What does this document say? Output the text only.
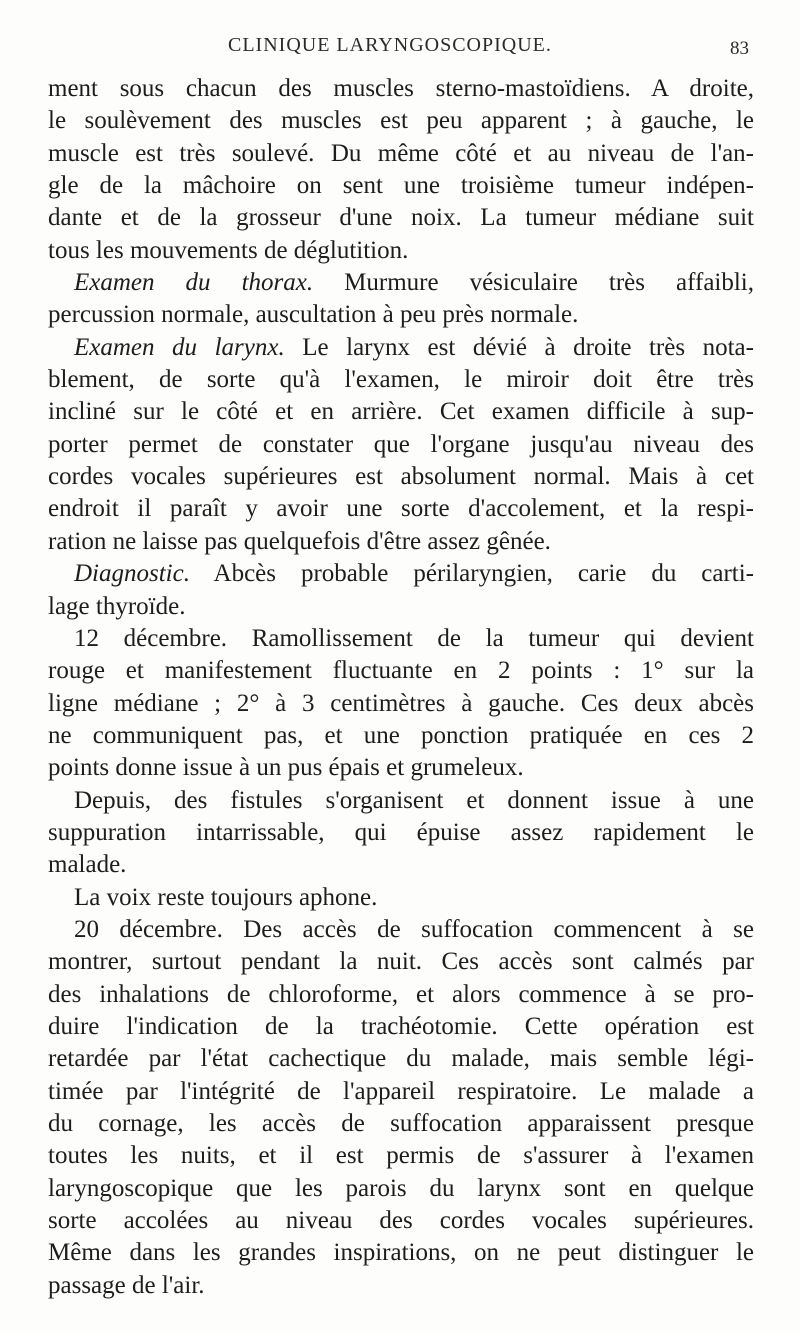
CLINIQUE LARYNGOSCOPIQUE.	83
ment sous chacun des muscles sterno-mastoïdiens. A droite,
le soulèvement des muscles est peu apparent ; à gauche, le
muscle est très soulevé. Du même côté et au niveau de l'an-
gle de la mâchoire on sent une troisième tumeur indépen-
dante et de la grosseur d'une noix. La tumeur médiane suit
tous les mouvements de déglutition.
Examen du thorax. Murmure vésiculaire très affaibli,
percussion normale, auscultation à peu près normale.
Examen du larynx. Le larynx est dévié à droite très nota-
blement, de sorte qu'à l'examen, le miroir doit être très
incliné sur le côté et en arrière. Cet examen difficile à sup-
porter permet de constater que l'organe jusqu'au niveau des
cordes vocales supérieures est absolument normal. Mais à cet
endroit il paraît y avoir une sorte d'accolement, et la respi-
ration ne laisse pas quelquefois d'être assez gênée.
Diagnostic. Abcès probable périlaryngien, carie du carti-
lage thyroïde.
12 décembre. Ramollissement de la tumeur qui devient
rouge et manifestement fluctuante en 2 points : 1° sur la
ligne médiane ; 2° à 3 centimètres à gauche. Ces deux abcès
ne communiquent pas, et une ponction pratiquée en ces 2
points donne issue à un pus épais et grumeleux.
Depuis, des fistules s'organisent et donnent issue à une
suppuration intarrissable, qui épuise assez rapidement le
malade.
La voix reste toujours aphone.
20 décembre. Des accès de suffocation commencent à se
montrer, surtout pendant la nuit. Ces accès sont calmés par
des inhalations de chloroforme, et alors commence à se pro-
duire l'indication de la trachéotomie. Cette opération est
retardée par l'état cachectique du malade, mais semble légi-
timée par l'intégrité de l'appareil respiratoire. Le malade a
du cornage, les accès de suffocation apparaissent presque
toutes les nuits, et il est permis de s'assurer à l'examen
laryngoscopique que les parois du larynx sont en quelque
sorte accolées au niveau des cordes vocales supérieures.
Même dans les grandes inspirations, on ne peut distinguer le
passage de l'air.
